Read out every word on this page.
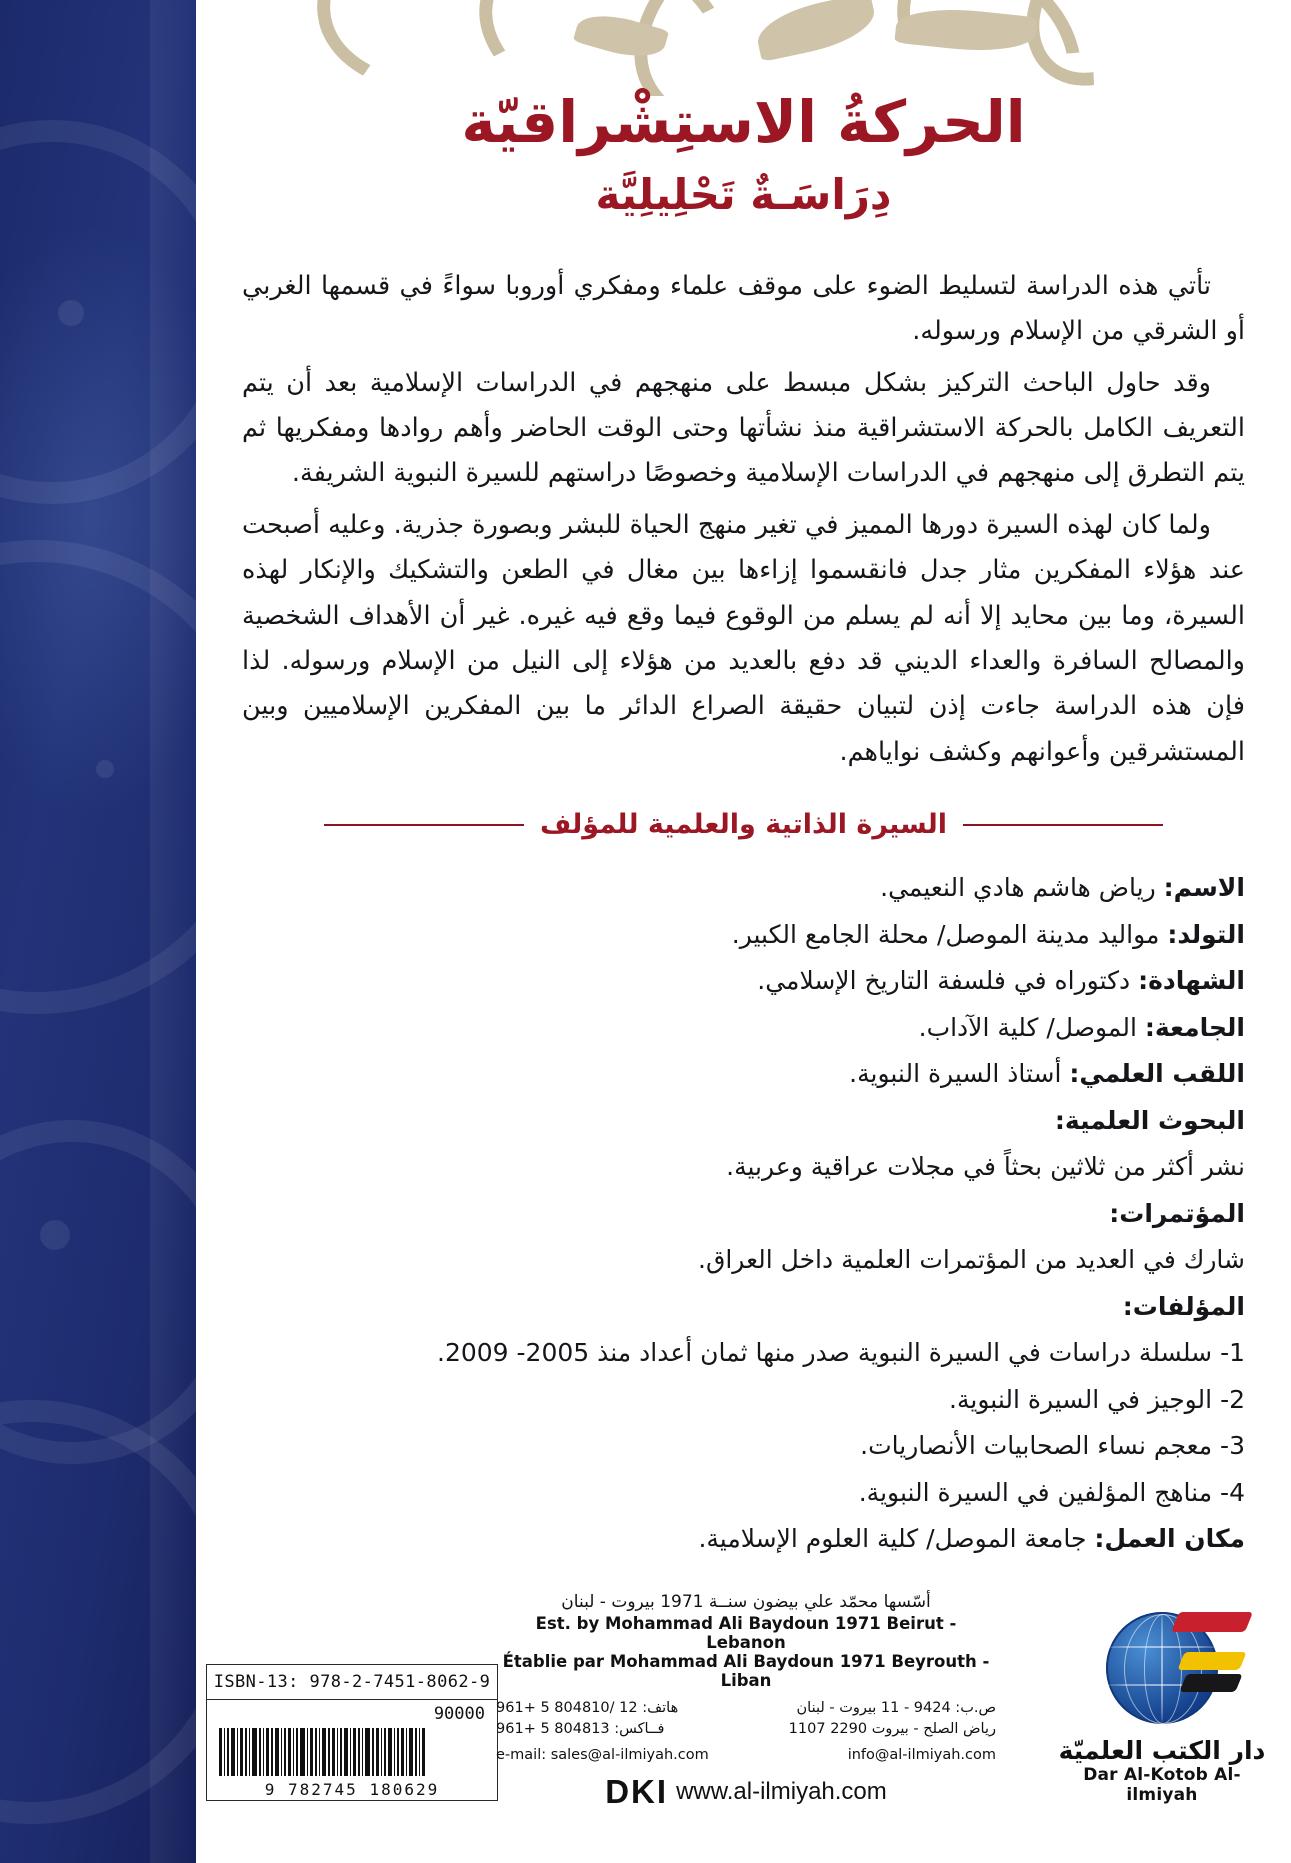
الحركةُ الاستِشْراقيّة
دِرَاسَـةٌ تَحْلِيلِيَّة

تأتي هذه الدراسة لتسليط الضوء على موقف علماء ومفكري أوروبا سواءً في قسمها الغربي أو الشرقي من الإسلام ورسوله.

وقد حاول الباحث التركيز بشكل مبسط على منهجهم في الدراسات الإسلامية بعد أن يتم التعريف الكامل بالحركة الاستشراقية منذ نشأتها وحتى الوقت الحاضر وأهم روادها ومفكريها ثم يتم التطرق إلى منهجهم في الدراسات الإسلامية وخصوصًا دراستهم للسيرة النبوية الشريفة.

ولما كان لهذه السيرة دورها المميز في تغير منهج الحياة للبشر وبصورة جذرية. وعليه أصبحت عند هؤلاء المفكرين مثار جدل فانقسموا إزاءها بين مغال في الطعن والتشكيك والإنكار لهذه السيرة، وما بين محايد إلا أنه لم يسلم من الوقوع فيما وقع فيه غيره. غير أن الأهداف الشخصية والمصالح السافرة والعداء الديني قد دفع بالعديد من هؤلاء إلى النيل من الإسلام ورسوله. لذا فإن هذه الدراسة جاءت إذن لتبيان حقيقة الصراع الدائر ما بين المفكرين الإسلاميين وبين المستشرقين وأعوانهم وكشف نواياهم.

السيرة الذاتية والعلمية للمؤلف
الاسم: رياض هاشم هادي النعيمي.
التولد: مواليد مدينة الموصل/ محلة الجامع الكبير.
الشهادة: دكتوراه في فلسفة التاريخ الإسلامي.
الجامعة: الموصل/ كلية الآداب.
اللقب العلمي: أستاذ السيرة النبوية.
البحوث العلمية:
نشر أكثر من ثلاثين بحثاً في مجلات عراقية وعربية.
المؤتمرات:
شارك في العديد من المؤتمرات العلمية داخل العراق.
المؤلفات:
1- سلسلة دراسات في السيرة النبوية صدر منها ثمان أعداد منذ 2005- 2009.
2- الوجيز في السيرة النبوية.
3- معجم نساء الصحابيات الأنصاريات.
4- مناهج المؤلفين في السيرة النبوية.
مكان العمل: جامعة الموصل/ كلية العلوم الإسلامية.
ISBN-13: 978-2-7451-8062-9
90000
9 782745 180629
أسّسها محمّد علي بيضون سنــة 1971 بيروت - لبنان
Est. by Mohammad Ali Baydoun 1971 Beirut - Lebanon
Établie par Mohammad Ali Baydoun 1971 Beyrouth - Liban
هاتف: 12 /804810 5 +961
فــاكس: 804813 5 +961
ص.ب: 9424 - 11 بيروت - لبنان
رياض الصلح - بيروت 2290 1107
e-mail: sales@al-ilmiyah.com	info@al-ilmiyah.com
DKI www.al-ilmiyah.com
دار الكتب العلميّة
Dar Al-Kotob Al-ilmiyah
